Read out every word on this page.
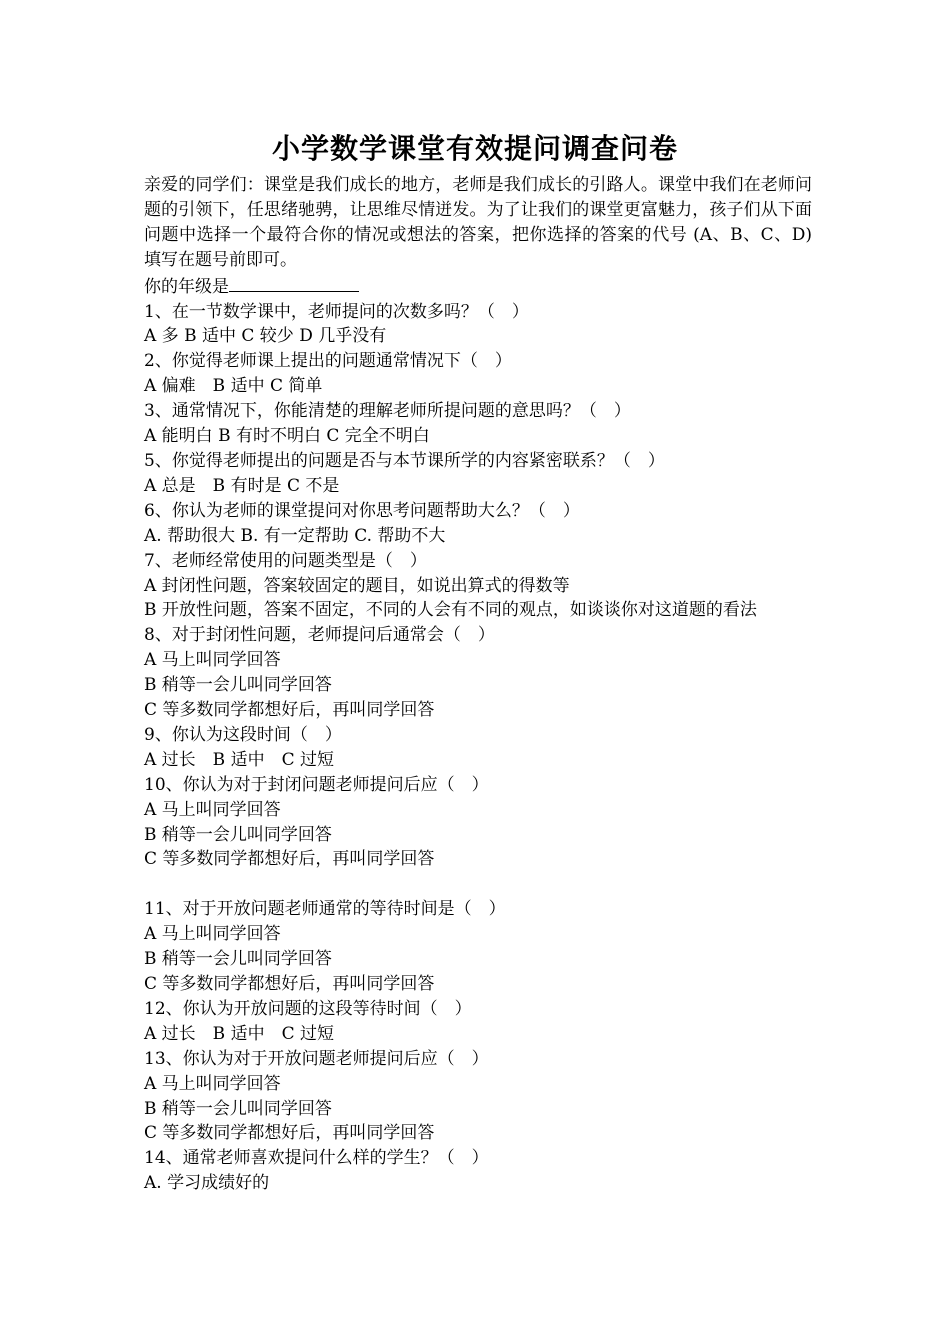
小学数学课堂有效提问调查问卷

亲爱的同学们：课堂是我们成长的地方，老师是我们成长的引路人。课堂中我们在老师问题的引领下，任思绪驰骋，让思维尽情迸发。为了让我们的课堂更富魅力，孩子们从下面问题中选择一个最符合你的情况或想法的答案，把你选择的答案的代号 (A、B、C、D) 填写在题号前即可。

你的年级是
1、在一节数学课中，老师提问的次数多吗？（　）
A 多 B 适中 C 较少 D 几乎没有
2、你觉得老师课上提出的问题通常情况下（　）
A 偏难　B 适中 C 简单
3、通常情况下，你能清楚的理解老师所提问题的意思吗？（　）
A 能明白 B 有时不明白 C 完全不明白
5、你觉得老师提出的问题是否与本节课所学的内容紧密联系？（　）
A 总是　B 有时是 C 不是
6、你认为老师的课堂提问对你思考问题帮助大么？（　）
A. 帮助很大 B. 有一定帮助 C. 帮助不大
7、老师经常使用的问题类型是（　）
A 封闭性问题，答案较固定的题目，如说出算式的得数等
B 开放性问题，答案不固定，不同的人会有不同的观点，如谈谈你对这道题的看法
8、对于封闭性问题，老师提问后通常会（　）
A 马上叫同学回答
B 稍等一会儿叫同学回答
C 等多数同学都想好后，再叫同学回答
9、你认为这段时间（　）
A 过长　B 适中　C 过短
10、你认为对于封闭问题老师提问后应（　）
A 马上叫同学回答
B 稍等一会儿叫同学回答
C 等多数同学都想好后，再叫同学回答
11、对于开放问题老师通常的等待时间是（　）
A 马上叫同学回答
B 稍等一会儿叫同学回答
C 等多数同学都想好后，再叫同学回答
12、你认为开放问题的这段等待时间（　）
A 过长　B 适中　C 过短
13、你认为对于开放问题老师提问后应（　）
A 马上叫同学回答
B 稍等一会儿叫同学回答
C 等多数同学都想好后，再叫同学回答
14、通常老师喜欢提问什么样的学生？（　）
A. 学习成绩好的
